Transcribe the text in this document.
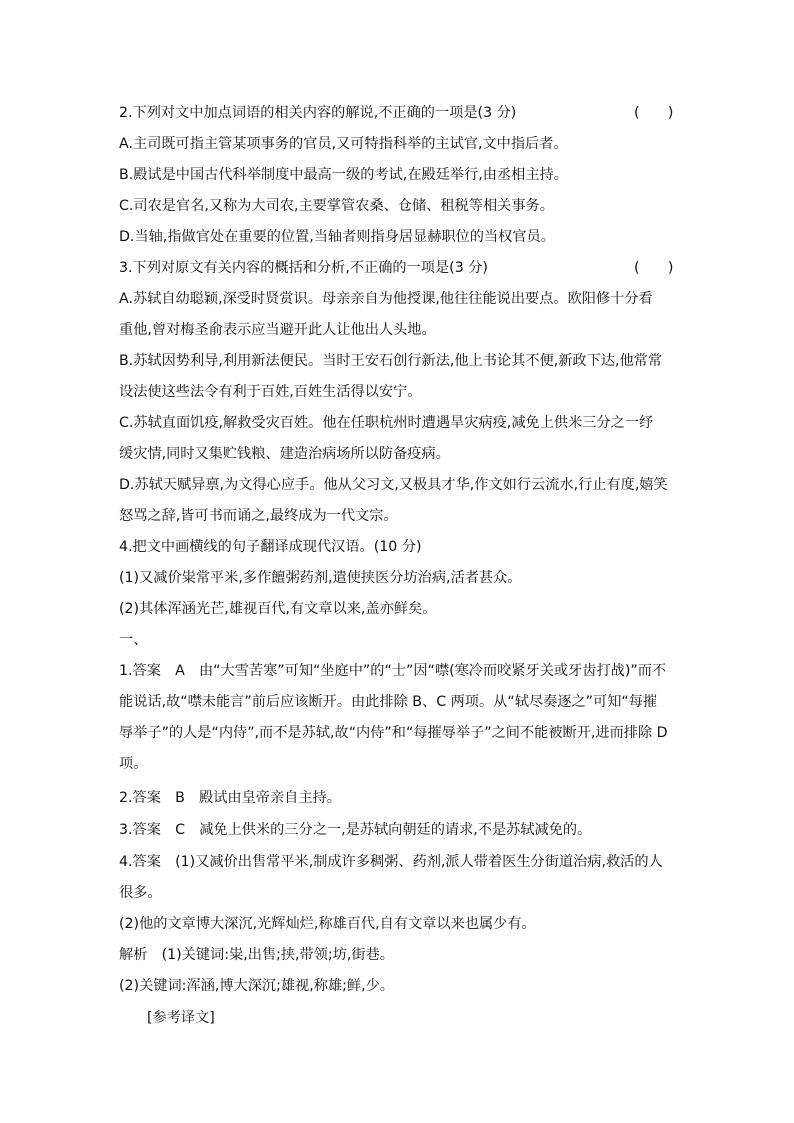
2.下列对文中加点词语的相关内容的解说,不正确的一项是(3 分)	(　　)
A.主司既可指主管某项事务的官员,又可特指科举的主试官,文中指后者。
B.殿试是中国古代科举制度中最高一级的考试,在殿廷举行,由丞相主持。
C.司农是官名,又称为大司农,主要掌管农桑、仓储、租税等相关事务。
D.当轴,指做官处在重要的位置,当轴者则指身居显赫职位的当权官员。
3.下列对原文有关内容的概括和分析,不正确的一项是(3 分)	(　　)
A.苏轼自幼聪颖,深受时贤赏识。母亲亲自为他授课,他往往能说出要点。欧阳修十分看
重他,曾对梅圣俞表示应当避开此人让他出人头地。
B.苏轼因势利导,利用新法便民。当时王安石创行新法,他上书论其不便,新政下达,他常常
设法使这些法令有利于百姓,百姓生活得以安宁。
C.苏轼直面饥疫,解救受灾百姓。他在任职杭州时遭遇旱灾病疫,减免上供米三分之一纾
缓灾情,同时又集贮钱粮、建造治病场所以防备疫病。
D.苏轼天赋异禀,为文得心应手。他从父习文,又极具才华,作文如行云流水,行止有度,嬉笑
怒骂之辞,皆可书而诵之,最终成为一代文宗。
4.把文中画横线的句子翻译成现代汉语。(10 分)
(1)又减价粜常平米,多作饘粥药剂,遣使挟医分坊治病,活者甚众。
(2)其体浑涵光芒,雄视百代,有文章以来,盖亦鲜矣。
一、
1.答案　A　由“大雪苦寒”可知“坐庭中”的“士”因“噤(寒冷而咬紧牙关或牙齿打战)”而不
能说话,故“噤未能言”前后应该断开。由此排除 B、C 两项。从“轼尽奏逐之”可知“每摧
辱举子”的人是“内侍”,而不是苏轼,故“内侍”和“每摧辱举子”之间不能被断开,进而排除 D
项。
2.答案　B　殿试由皇帝亲自主持。
3.答案　C　减免上供米的三分之一,是苏轼向朝廷的请求,不是苏轼减免的。
4.答案　(1)又减价出售常平米,制成许多稠粥、药剂,派人带着医生分街道治病,救活的人
很多。
(2)他的文章博大深沉,光辉灿烂,称雄百代,自有文章以来也属少有。
解析　(1)关键词:粜,出售;挟,带领;坊,街巷。
(2)关键词:浑涵,博大深沉;雄视,称雄;鲜,少。
[参考译文]
